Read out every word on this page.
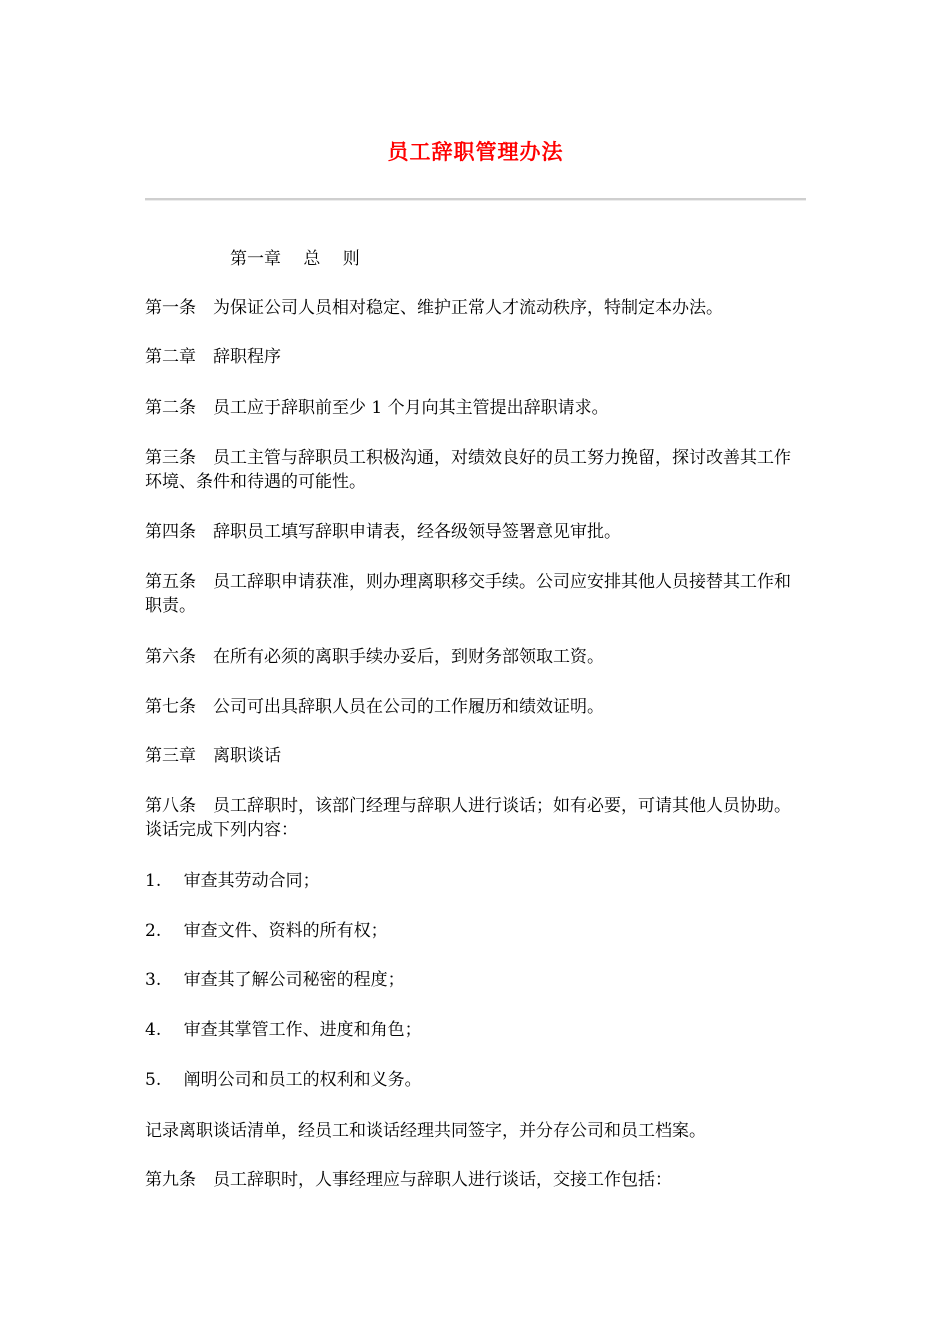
员工辞职管理办法
第一章　 总　 则
第一条　为保证公司人员相对稳定、维护正常人才流动秩序，特制定本办法。
第二章　辞职程序
第二条　员工应于辞职前至少 1 个月向其主管提出辞职请求。
第三条　员工主管与辞职员工积极沟通，对绩效良好的员工努力挽留，探讨改善其工作环境、条件和待遇的可能性。
第四条　辞职员工填写辞职申请表，经各级领导签署意见审批。
第五条　员工辞职申请获准，则办理离职移交手续。公司应安排其他人员接替其工作和职责。
第六条　在所有必须的离职手续办妥后，到财务部领取工资。
第七条　公司可出具辞职人员在公司的工作履历和绩效证明。
第三章　离职谈话
第八条　员工辞职时，该部门经理与辞职人进行谈话；如有必要，可请其他人员协助。谈话完成下列内容：
1.　 审查其劳动合同；
2.　 审查文件、资料的所有权；
3.　 审查其了解公司秘密的程度；
4.　 审查其掌管工作、进度和角色；
5.　 阐明公司和员工的权利和义务。
记录离职谈话清单，经员工和谈话经理共同签字，并分存公司和员工档案。
第九条　员工辞职时，人事经理应与辞职人进行谈话，交接工作包括：
